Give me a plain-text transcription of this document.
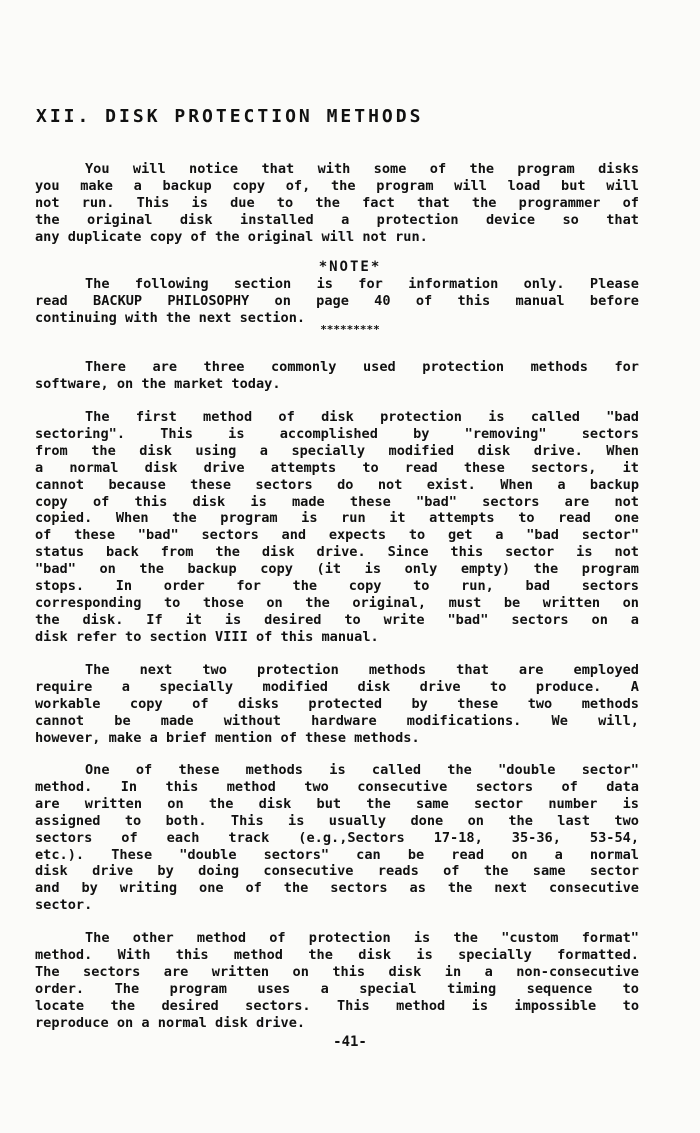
XII. DISK PROTECTION METHODS
You will notice that with some of the program disks
you make a backup copy of, the program will load but will
not run. This is due to the fact that the programmer of
the original disk installed a protection device so that
any duplicate copy of the original will not run.
*NOTE*
The following section is for information only. Please
read BACKUP PHILOSOPHY on page 40 of this manual before
continuing with the next section.
*********
There are three commonly used protection methods for
software, on the market today.
The first method of disk protection is called "bad
sectoring". This is accomplished by "removing" sectors
from the disk using a specially modified disk drive. When
a normal disk drive attempts to read these sectors, it
cannot because these sectors do not exist. When a backup
copy of this disk is made these "bad" sectors are not
copied. When the program is run it attempts to read one
of these "bad" sectors and expects to get a "bad sector"
status back from the disk drive. Since this sector is not
"bad" on the backup copy (it is only empty) the program
stops. In order for the copy to run, bad sectors
corresponding to those on the original, must be written on
the disk. If it is desired to write "bad" sectors on a
disk refer to section VIII of this manual.
The next two protection methods that are employed
require a specially modified disk drive to produce. A
workable copy of disks protected by these two methods
cannot be made without hardware modifications. We will,
however, make a brief mention of these methods.
One of these methods is called the "double sector"
method. In this method two consecutive sectors of data
are written on the disk but the same sector number is
assigned to both. This is usually done on the last two
sectors of each track (e.g.,Sectors 17-18, 35-36, 53-54,
etc.). These "double sectors" can be read on a normal
disk drive by doing consecutive reads of the same sector
and by writing one of the sectors as the next consecutive
sector.
The other method of protection is the "custom format"
method. With this method the disk is specially formatted.
The sectors are written on this disk in a non-consecutive
order. The program uses a special timing sequence to
locate the desired sectors. This method is impossible to
reproduce on a normal disk drive.
-41-
